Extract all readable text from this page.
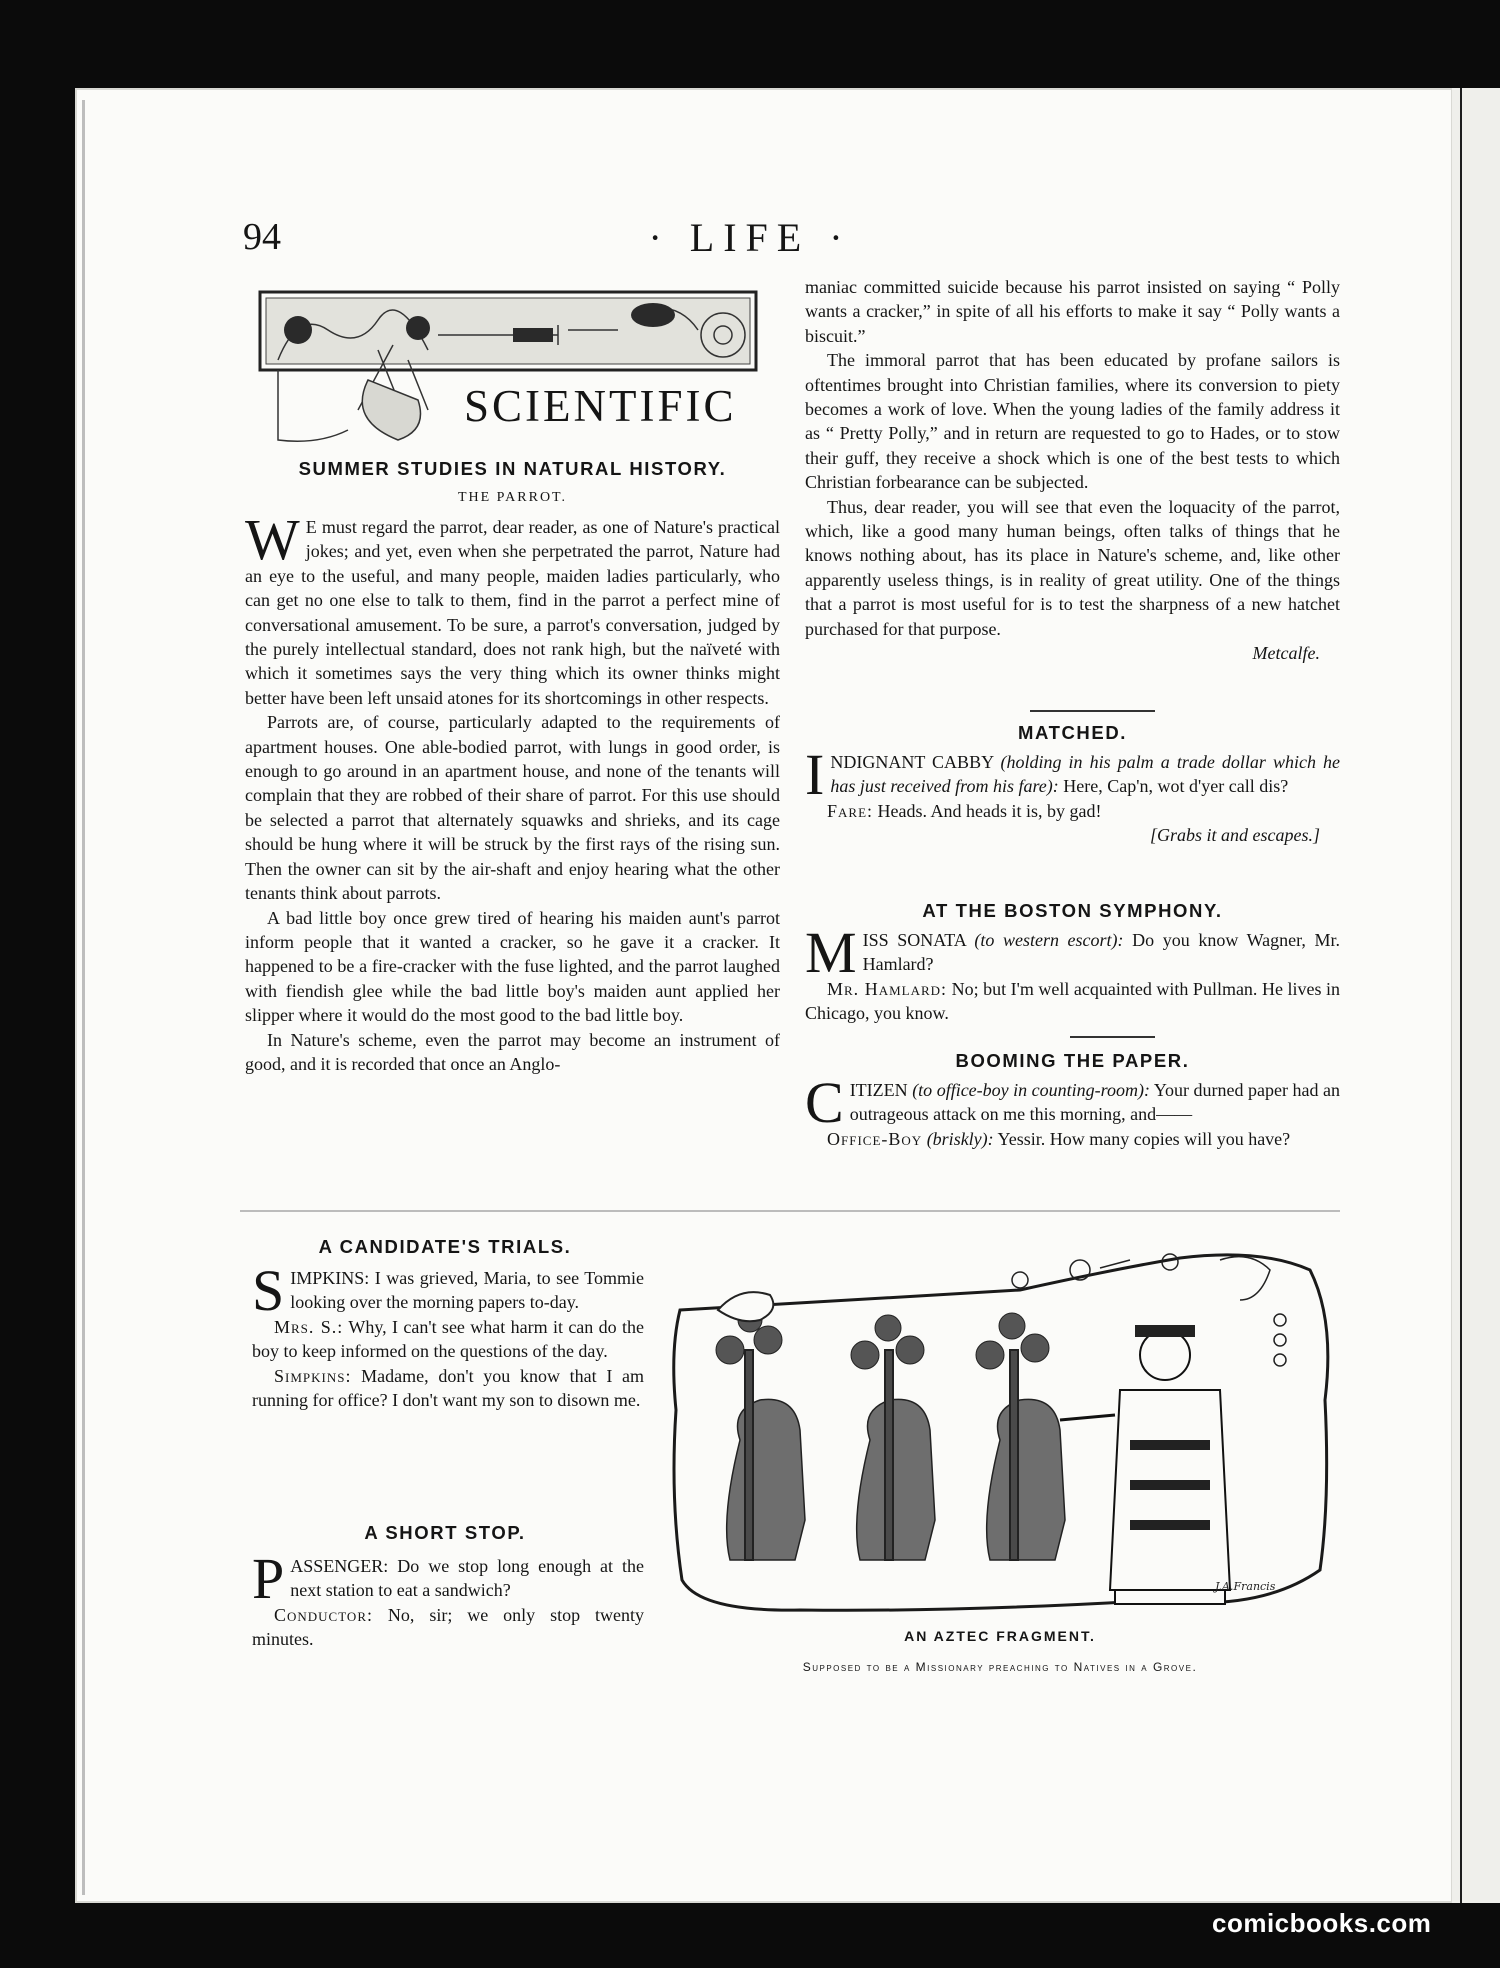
94	· LIFE ·
SCIENTIFIC
SUMMER STUDIES IN NATURAL HISTORY.
THE PARROT.

W E must regard the parrot, dear reader, as one of Nature's practical jokes; and yet, even when she perpetrated the parrot, Nature had an eye to the useful, and many people, maiden ladies particularly, who can get no one else to talk to them, find in the parrot a perfect mine of conversational amusement. To be sure, a parrot's conversation, judged by the purely intellectual standard, does not rank high, but the naïveté with which it sometimes says the very thing which its owner thinks might better have been left unsaid atones for its shortcomings in other respects.

Parrots are, of course, particularly adapted to the requirements of apartment houses. One able-bodied parrot, with lungs in good order, is enough to go around in an apartment house, and none of the tenants will complain that they are robbed of their share of parrot. For this use should be selected a parrot that alternately squawks and shrieks, and its cage should be hung where it will be struck by the first rays of the rising sun. Then the owner can sit by the air-shaft and enjoy hearing what the other tenants think about parrots.

A bad little boy once grew tired of hearing his maiden aunt's parrot inform people that it wanted a cracker, so he gave it a cracker. It happened to be a fire-cracker with the fuse lighted, and the parrot laughed with fiendish glee while the bad little boy's maiden aunt applied her slipper where it would do the most good to the bad little boy.

In Nature's scheme, even the parrot may become an instrument of good, and it is recorded that once an Anglo-

maniac committed suicide because his parrot insisted on saying “ Polly wants a cracker,” in spite of all his efforts to make it say “ Polly wants a biscuit.”

The immoral parrot that has been educated by profane sailors is oftentimes brought into Christian families, where its conversion to piety becomes a work of love. When the young ladies of the family address it as “ Pretty Polly,” and in return are requested to go to Hades, or to stow their guff, they receive a shock which is one of the best tests to which Christian forbearance can be subjected.

Thus, dear reader, you will see that even the loquacity of the parrot, which, like a good many human beings, often talks of things that he knows nothing about, has its place in Nature's scheme, and, like other apparently useless things, is in reality of great utility. One of the things that a parrot is most useful for is to test the sharpness of a new hatchet purchased for that purpose.

Metcalfe.

MATCHED.

INDIGNANT CABBY (holding in his palm a trade dollar which he has just received from his fare): Here, Cap'n, wot d'yer call dis?

Fare: Heads. And heads it is, by gad!

[Grabs it and escapes.]

AT THE BOSTON SYMPHONY.

MISS SONATA (to western escort): Do you know Wagner, Mr. Hamlard?

Mr. Hamlard: No; but I'm well acquainted with Pullman. He lives in Chicago, you know.

BOOMING THE PAPER.

CITIZEN (to office-boy in counting-room): Your durned paper had an outrageous attack on me this morning, and——

Office-Boy (briskly): Yessir. How many copies will you have?

A CANDIDATE'S TRIALS.

SIMPKINS: I was grieved, Maria, to see Tommie looking over the morning papers to-day.

Mrs. S.: Why, I can't see what harm it can do the boy to keep informed on the questions of the day.

Simpkins: Madame, don't you know that I am running for office? I don't want my son to disown me.

A SHORT STOP.

PASSENGER: Do we stop long enough at the next station to eat a sandwich?

Conductor: No, sir; we only stop twenty minutes.

J.A.Francis
AN AZTEC FRAGMENT.
Supposed to be a Missionary preaching to Natives in a Grove.
comicbooks.com
